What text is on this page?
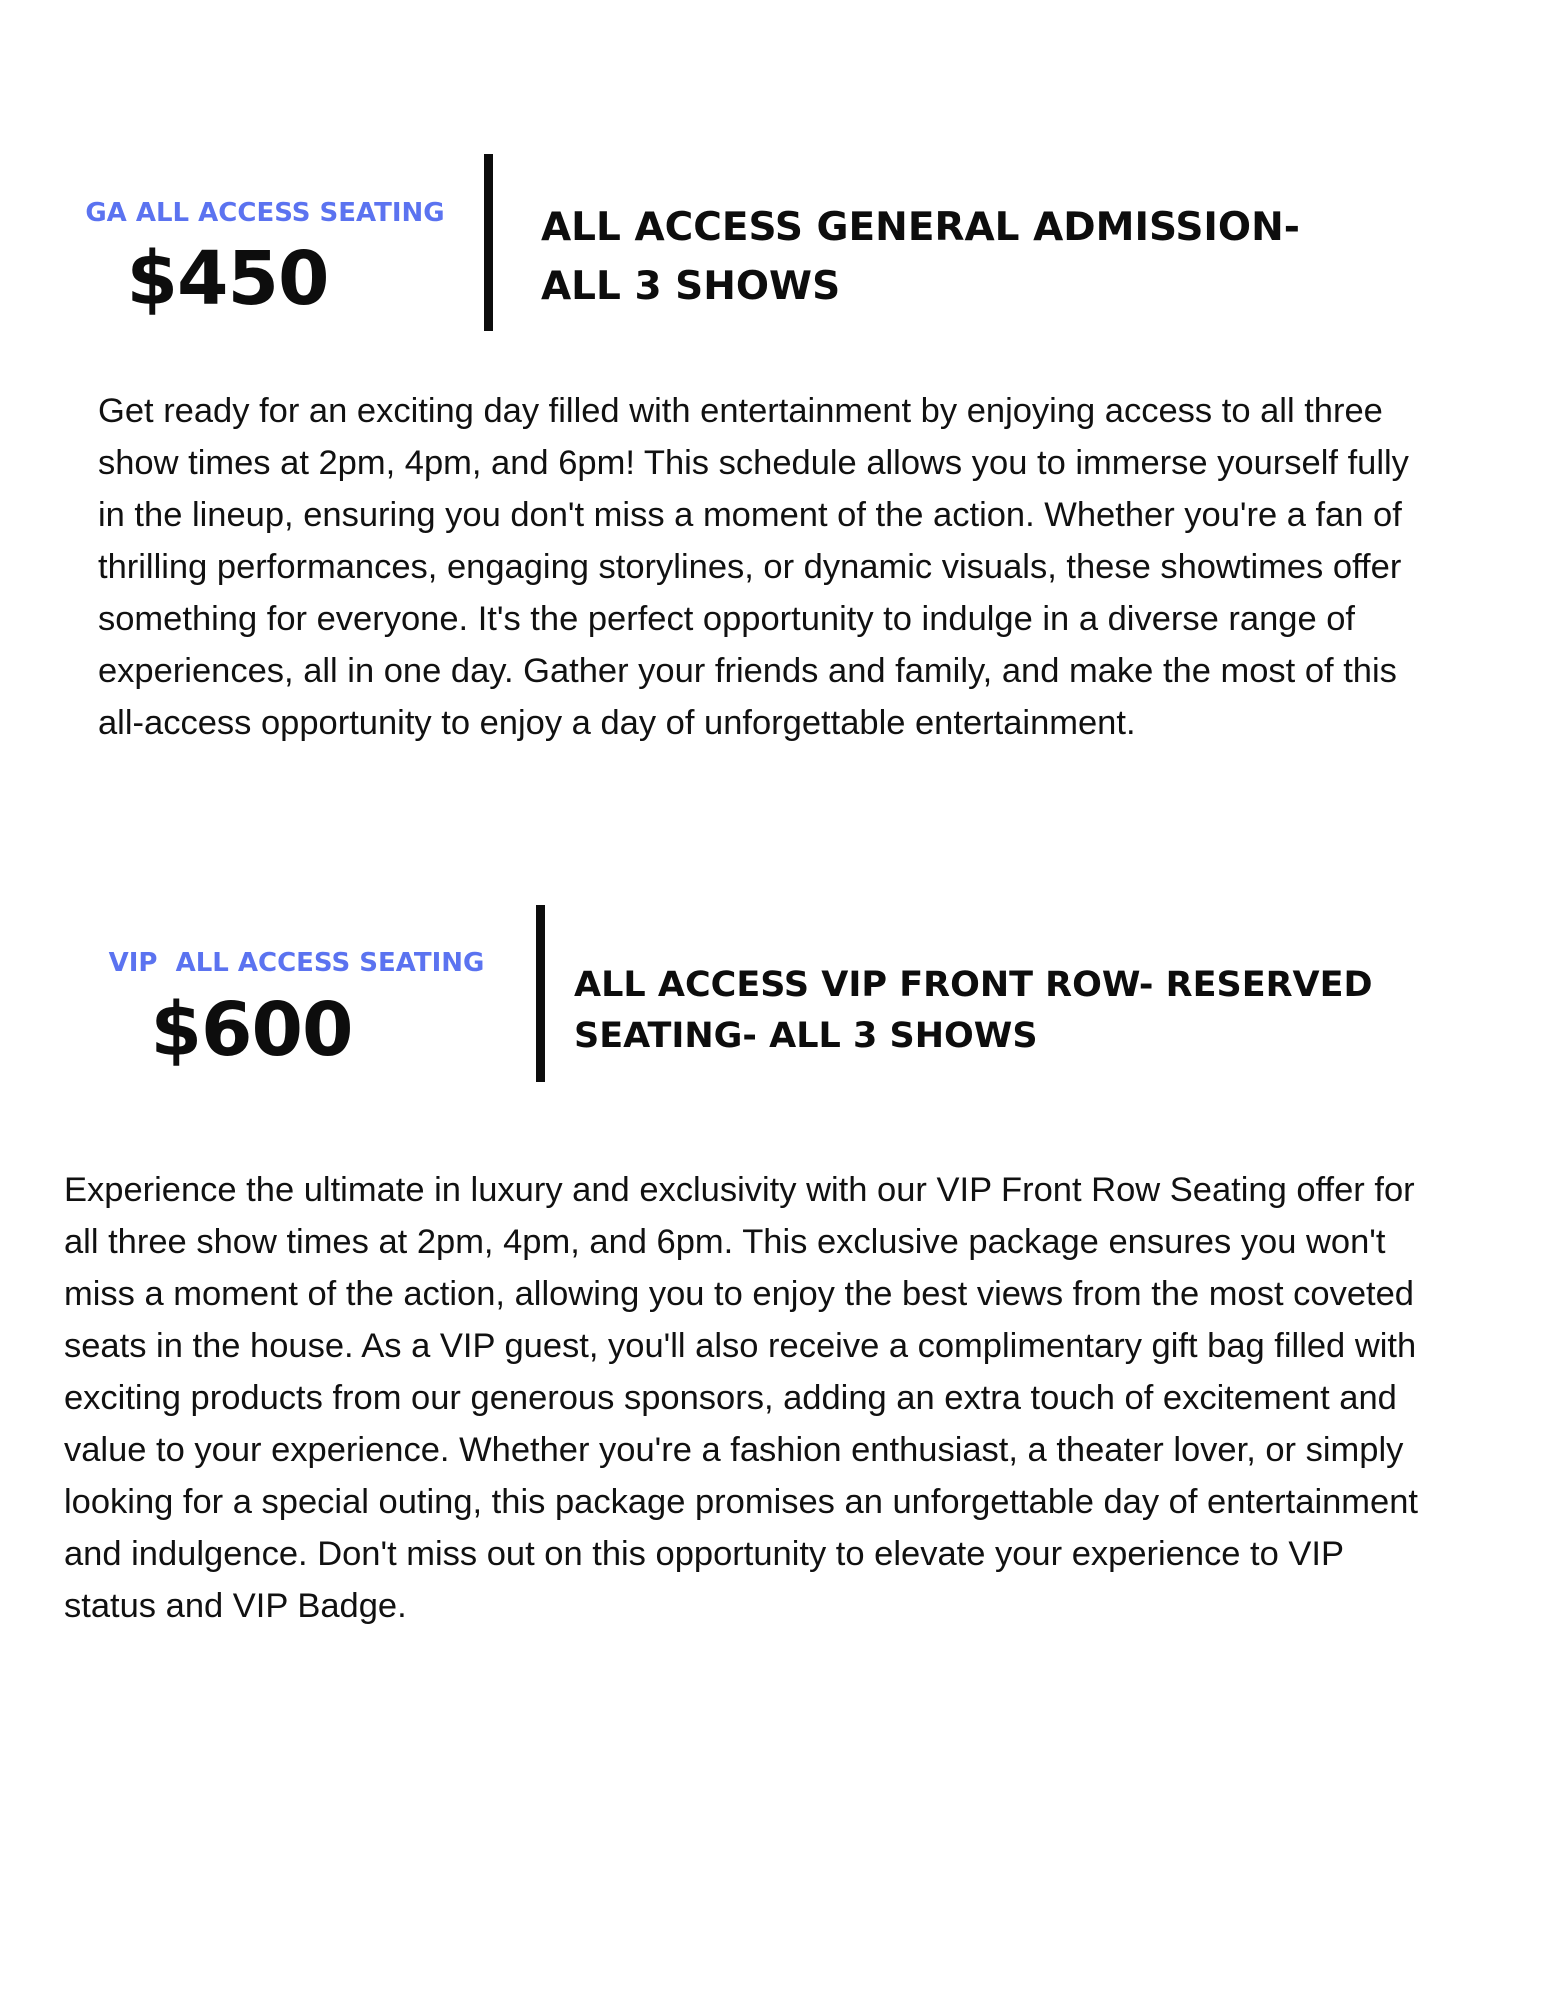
GA ALL ACCESS SEATING
$450
ALL ACCESS GENERAL ADMISSION-
ALL 3 SHOWS

Get ready for an exciting day filled with entertainment by enjoying access to all three show times at 2pm, 4pm, and 6pm! This schedule allows you to immerse yourself fully in the lineup, ensuring you don't miss a moment of the action. Whether you're a fan of thrilling performances, engaging storylines, or dynamic visuals, these showtimes offer something for everyone. It's the perfect opportunity to indulge in a diverse range of experiences, all in one day. Gather your friends and family, and make the most of this all-access opportunity to enjoy a day of unforgettable entertainment.

VIP  ALL ACCESS SEATING
$600
ALL ACCESS VIP FRONT ROW- RESERVED
SEATING- ALL 3 SHOWS

Experience the ultimate in luxury and exclusivity with our VIP Front Row Seating offer for all three show times at 2pm, 4pm, and 6pm. This exclusive package ensures you won't miss a moment of the action, allowing you to enjoy the best views from the most coveted seats in the house. As a VIP guest, you'll also receive a complimentary gift bag filled with exciting products from our generous sponsors, adding an extra touch of excitement and value to your experience. Whether you're a fashion enthusiast, a theater lover, or simply looking for a special outing, this package promises an unforgettable day of entertainment and indulgence. Don't miss out on this opportunity to elevate your experience to VIP status and VIP Badge.
